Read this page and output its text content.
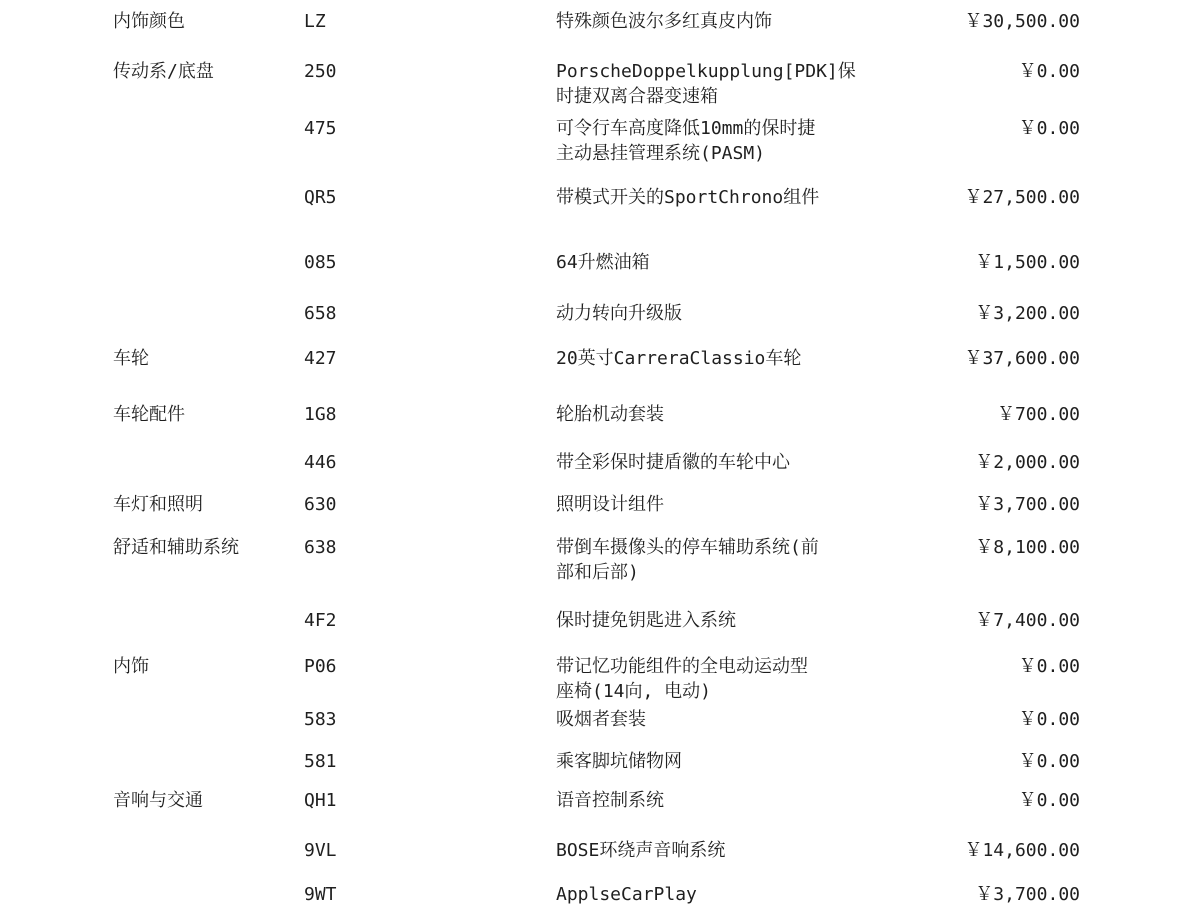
内饰颜色	LZ	特殊颜色波尔多红真皮内饰	￥30,500.00
传动系/底盘	250	PorscheDoppelkupplung[PDK]保
时捷双离合器变速箱
￥0.00
475	可令行车高度降低10mm的保时捷
主动悬挂管理系统(PASM)
￥0.00
QR5	带模式开关的SportChrono组件	￥27,500.00
085	64升燃油箱	￥1,500.00
658	动力转向升级版	￥3,200.00
车轮	427	20英寸CarreraClassio车轮	￥37,600.00
车轮配件	1G8	轮胎机动套装	￥700.00
446	带全彩保时捷盾徽的车轮中心	￥2,000.00
车灯和照明	630	照明设计组件	￥3,700.00
舒适和辅助系统	638	带倒车摄像头的停车辅助系统(前
部和后部)
￥8,100.00
4F2	保时捷免钥匙进入系统	￥7,400.00
内饰	P06	带记忆功能组件的全电动运动型
座椅(14向, 电动)
￥0.00
583	吸烟者套装	￥0.00
581	乘客脚坑储物网	￥0.00
音响与交通	QH1	语音控制系统	￥0.00
9VL	BOSE环绕声音响系统	￥14,600.00
9WT	ApplseCarPlay	￥3,700.00
